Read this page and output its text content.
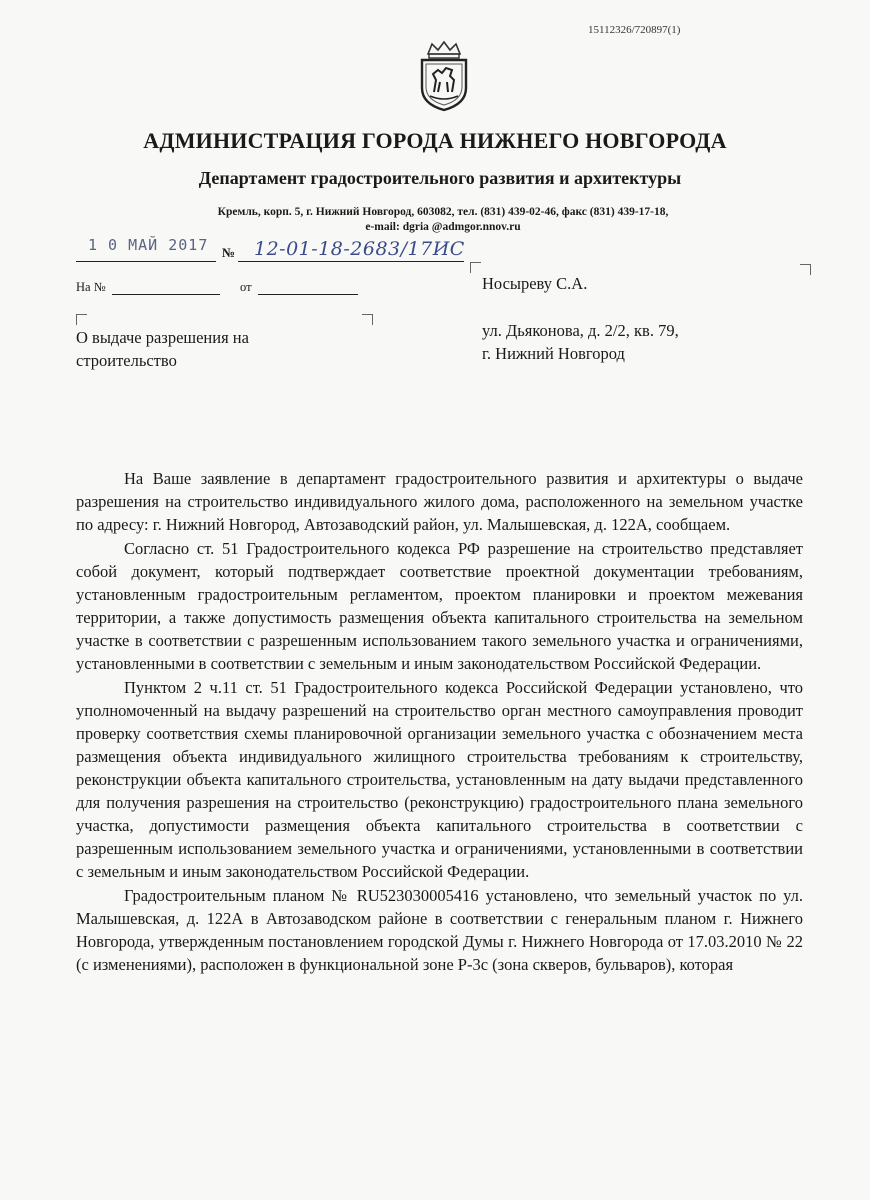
15112326/720897(1)
АДМИНИСТРАЦИЯ ГОРОДА НИЖНЕГО НОВГОРОДА
Департамент градостроительного развития и архитектуры
Кремль, корп. 5, г. Нижний Новгород, 603082, тел. (831) 439-02-46, факс (831) 439-17-18,
e-mail: dgria @admgor.nnov.ru
1 0 МАЙ 2017 № 12-01-18-2683/17ИС
На №	от	Носыреву С.А.
ул. Дьяконова, д. 2/2, кв. 79,
г. Нижний Новгород
О выдаче разрешения на
строительство

На Ваше заявление в департамент градостроительного развития и архитектуры о выдаче разрешения на строительство индивидуального жилого дома, расположенного на земельном участке по адресу: г. Нижний Новгород, Автозаводский район, ул. Малышевская, д. 122А, сообщаем.

Согласно ст. 51 Градостроительного кодекса РФ разрешение на строительство представляет собой документ, который подтверждает соответствие проектной документации требованиям, установленным градостроительным регламентом, проектом планировки и проектом межевания территории, а также допустимость размещения объекта капитального строительства на земельном участке в соответствии с разрешенным использованием такого земельного участка и ограничениями, установленными в соответствии с земельным и иным законодательством Российской Федерации.

Пунктом 2 ч.11 ст. 51 Градостроительного кодекса Российской Федерации установлено, что уполномоченный на выдачу разрешений на строительство орган местного самоуправления проводит проверку соответствия схемы планировочной организации земельного участка с обозначением места размещения объекта индивидуального жилищного строительства требованиям к строительству, реконструкции объекта капитального строительства, установленным на дату выдачи представленного для получения разрешения на строительство (реконструкцию) градостроительного плана земельного участка, допустимости размещения объекта капитального строительства в соответствии с разрешенным использованием земельного участка и ограничениями, установленными в соответствии с земельным и иным законодательством Российской Федерации.

Градостроительным планом № RU523030005416 установлено, что земельный участок по ул. Малышевская, д. 122А в Автозаводском районе в соответствии с генеральным планом г. Нижнего Новгорода, утвержденным постановлением городской Думы г. Нижнего Новгорода от 17.03.2010 № 22 (с изменениями), расположен в функциональной зоне Р-3с (зона скверов, бульваров), которая
